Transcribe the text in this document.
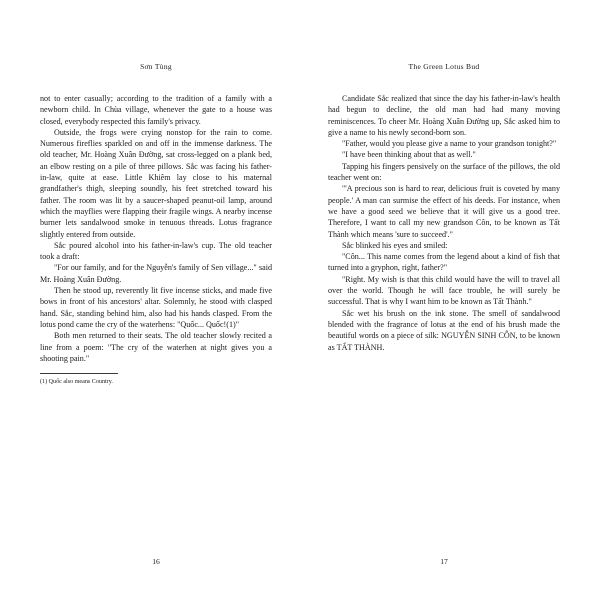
Sơn Tùng

not to enter casually; according to the tradition of a family with a newborn child. In Chùa village, whenever the gate to a house was closed, everybody respected this family's privacy.

Outside, the frogs were crying nonstop for the rain to come. Numerous fireflies sparkled on and off in the immense darkness. The old teacher, Mr. Hoàng Xuân Đường, sat cross-legged on a plank bed, an elbow resting on a pile of three pillows. Sắc was facing his father-in-law, quite at ease. Little Khiêm lay close to his maternal grandfather's thigh, sleeping soundly, his feet stretched toward his father. The room was lit by a saucer-shaped peanut-oil lamp, around which the mayflies were flapping their fragile wings. A nearby incense burner lets sandalwood smoke in tenuous threads. Lotus fragrance slightly entered from outside.

Sắc poured alcohol into his father-in-law's cup. The old teacher took a draft:

"For our family, and for the Nguyễn's family of Sen village..." said Mr. Hoàng Xuân Đường.

Then he stood up, reverently lit five incense sticks, and made five bows in front of his ancestors' altar. Solemnly, he stood with clasped hand. Sắc, standing behind him, also had his hands clasped. From the lotus pond came the cry of the waterhens: "Quốc... Quốc!(1)"

Both men returned to their seats. The old teacher slowly recited a line from a poem: "The cry of the waterhen at night gives you a shooting pain."

(1) Quốc also means Country.

16
The Green Lotus Bud

Candidate Sắc realized that since the day his father-in-law's health had begun to decline, the old man had had many moving reminiscences. To cheer Mr. Hoàng Xuân Đường up, Sắc asked him to give a name to his newly second-born son.

"Father, would you please give a name to your grandson tonight?"

"I have been thinking about that as well."

Tapping his fingers pensively on the surface of the pillows, the old teacher went on:

"'A precious son is hard to rear, delicious fruit is coveted by many people.' A man can surmise the effect of his deeds. For instance, when we have a good seed we believe that it will give us a good tree. Therefore, I want to call my new grandson Côn, to be known as Tất Thành which means 'sure to succeed'."

Sắc blinked his eyes and smiled:

"Côn... This name comes from the legend about a kind of fish that turned into a gryphon, right, father?"

"Right. My wish is that this child would have the will to travel all over the world. Though he will face trouble, he will surely be successful. That is why I want him to be known as Tất Thành."

Sắc wet his brush on the ink stone. The smell of sandalwood blended with the fragrance of lotus at the end of his brush made the beautiful words on a piece of silk: NGUYỄN SINH CÔN, to be known as TẤT THÀNH.

17
